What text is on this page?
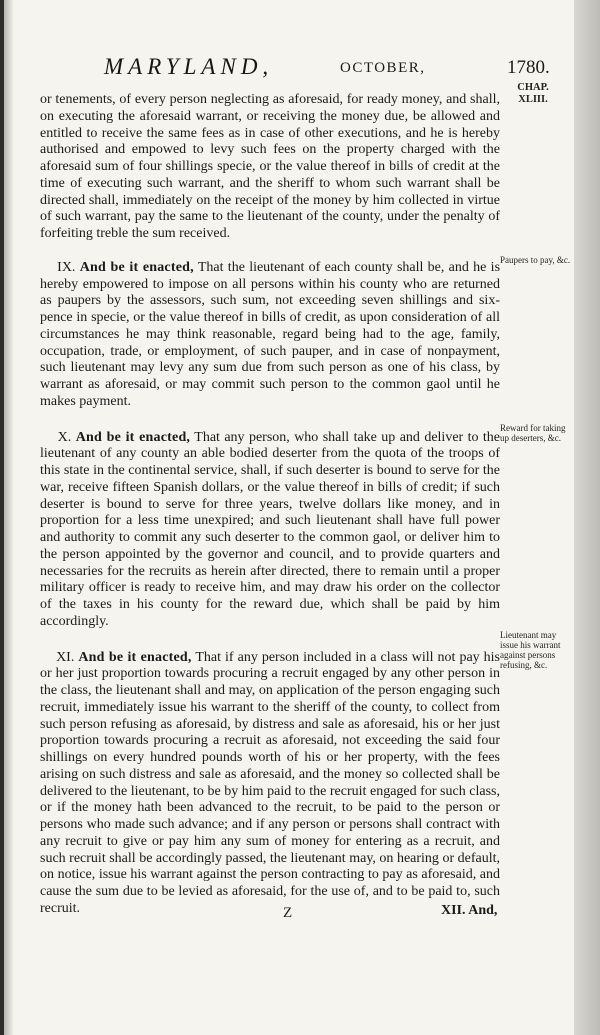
MARYLAND,	OCTOBER,	1780.
CHAP.
XLIII.

or tenements, of every person neglecting as aforesaid, for ready money, and shall, on executing the aforesaid warrant, or receiving the money due, be allowed and entitled to receive the same fees as in case of other executions, and he is hereby authorised and empowed to levy such fees on the property charged with the aforesaid sum of four shillings specie, or the value thereof in bills of credit at the time of executing such warrant, and the sheriff to whom such warrant shall be directed shall, immediately on the receipt of the money by him collected in virtue of such warrant, pay the same to the lieutenant of the county, under the penalty of forfeiting treble the sum received.

IX. And be it enacted, That the lieutenant of each county shall be, and he is hereby empowered to impose on all persons within his county who are returned as paupers by the assessors, such sum, not exceeding seven shillings and six-pence in specie, or the value thereof in bills of credit, as upon consideration of all circumstances he may think reasonable, regard being had to the age, family, occupation, trade, or employment, of such pauper, and in case of nonpayment, such lieutenant may levy any sum due from such person as one of his class, by warrant as aforesaid, or may commit such person to the common gaol until he makes payment.

X. And be it enacted, That any person, who shall take up and deliver to the lieutenant of any county an able bodied deserter from the quota of the troops of this state in the continental service, shall, if such deserter is bound to serve for the war, receive fifteen Spanish dollars, or the value thereof in bills of credit; if such deserter is bound to serve for three years, twelve dollars like money, and in proportion for a less time unexpired; and such lieutenant shall have full power and authority to commit any such deserter to the common gaol, or deliver him to the person appointed by the governor and council, and to provide quarters and necessaries for the recruits as herein after directed, there to remain until a proper military officer is ready to receive him, and may draw his order on the collector of the taxes in his county for the reward due, which shall be paid by him accordingly.

XI. And be it enacted, That if any person included in a class will not pay his or her just proportion towards procuring a recruit engaged by any other person in the class, the lieutenant shall and may, on application of the person engaging such recruit, immediately issue his warrant to the sheriff of the county, to collect from such person refusing as aforesaid, by distress and sale as aforesaid, his or her just proportion towards procuring a recruit as aforesaid, not exceeding the said four shillings on every hundred pounds worth of his or her property, with the fees arising on such distress and sale as aforesaid, and the money so collected shall be delivered to the lieutenant, to be by him paid to the recruit engaged for such class, or if the money hath been advanced to the recruit, to be paid to the person or persons who made such advance; and if any person or persons shall contract with any recruit to give or pay him any sum of money for entering as a recruit, and such recruit shall be accordingly passed, the lieutenant may, on hearing or default, on notice, issue his warrant against the person contracting to pay as aforesaid, and cause the sum due to be levied as aforesaid, for the use of, and to be paid to, such recruit.

Paupers to pay, &c.
Reward for taking up deserters, &c.
Lieutenant may issue his warrant against persons refusing, &c.
Z	XII. And,
